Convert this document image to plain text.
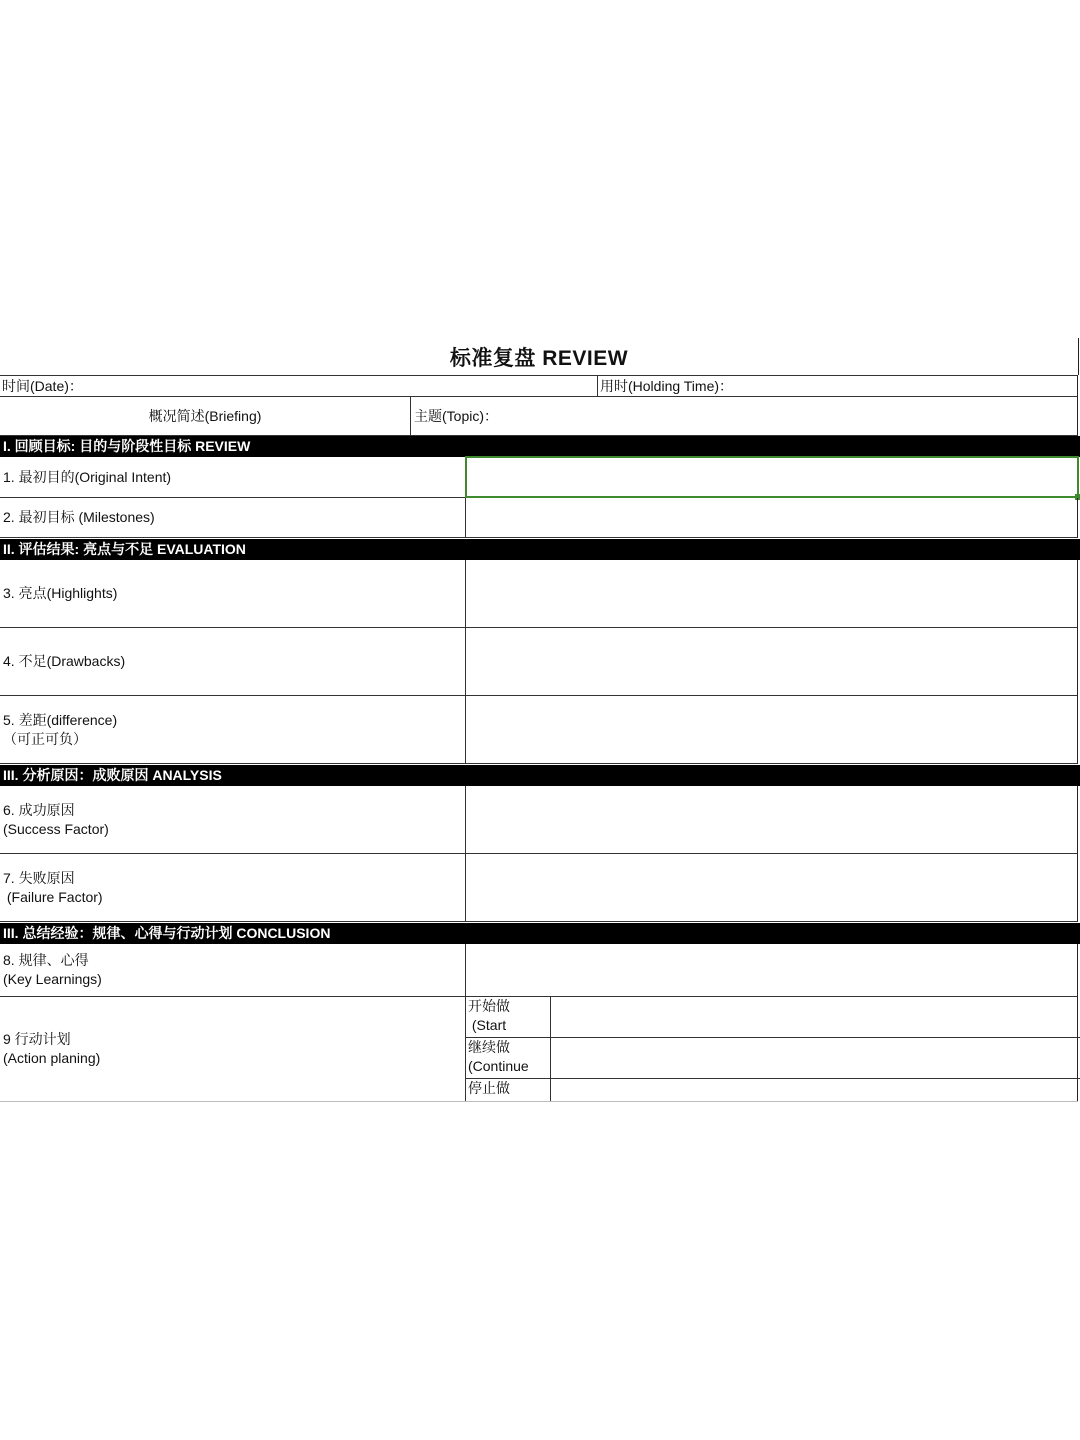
标准复盘 REVIEW
时间(Date)：	用时(Holding Time)：
概况简述(Briefing)	主题(Topic)：
I. 回顾目标: 目的与阶段性目标 REVIEW
1. 最初目的(Original Intent)
2. 最初目标 (Milestones)
II. 评估结果: 亮点与不足 EVALUATION
3. 亮点(Highlights)
4. 不足(Drawbacks)
5. 差距(difference)
（可正可负）
III. 分析原因：成败原因 ANALYSIS
6. 成功原因
(Success Factor)
7. 失败原因
(Failure Factor)
III. 总结经验：规律、心得与行动计划 CONCLUSION
8. 规律、心得
(Key Learnings)
9 行动计划
(Action planing)
开始做
(Start
继续做
(Continue
停止做
